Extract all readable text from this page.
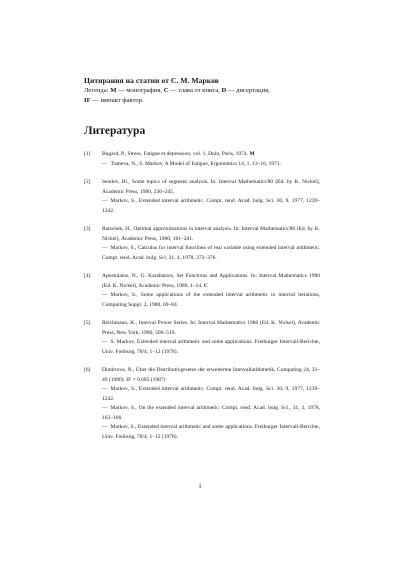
Цитирания на статии от С. М. Марков
Легенда: M — монография, C — глава от книга, D — дисертация,
IF — импакт фактор.
Литература
[1] Bugard, P., Stress, Fatigue et depression, vol. 1, Doin, Paris, 1974. M
— Tsaneva, N., S. Markov, A Model of Fatigue, Ergonomics 14, 1, 13–16, 1971.
[2] Sendov, Bl., Some topics of segment analysis. In: Interval Mathematics'80 (Ed. by K. Nickel), Academic Press, 1980, 236–245.
— Markov, S., Extended interval arithmetic. Compt. rend. Acad. bulg. Sci. 30, 9, 1977, 1239–1242.
[3] Ratschek, H., Optimal approximations in interval analysis. In: Interval Mathematics'80 (Ed. by K. Nickel), Academic Press, 1980, 181–201.
— Markov, S., Calculus for interval functions of real variable using extended interval arithmetic. Compt. rend. Acad. bulg. Sci. 31, 4, 1978, 373–376.
[4] Apostolatos, N., G. Karabatzos, Set Functions and Applications. In: Interval Mathematics 1980 (Ed. K. Nickel), Academic Press, 1980, 1–24. C
— Markov, S., Some applications of the extended interval arithmetic to interval iterations, Computing Suppl. 2, 1980, 69–84.
[5] Reichmann, K., Interval Power Series. In: Interval Mathematics 1980 (Ed. K. Nickel), Academic Press, New York, 1980, 509–519.
— S. Markov, Extended interval arithmetic and some applications. Freiburger Intervall-Berichte, Univ. Freiburg, 78/4, 1–12 (1978).
[6] Dimitrova, N., Über die Distributivgesetze der erweiterten Intervallarithmetik. Computing 24, 33–49 (1980). IF = 0.685 (1987)
— Markov, S., Extended interval arithmetic. Compt. rend. Acad. bulg. Sci. 30, 9, 1977, 1239–1242.
— Markov, S., On the extended interval arithmetic. Compt. rend. Acad. bulg. Sci., 31, 2, 1978, 163–166.
— Markov, S., Extended interval arithmetic and some applications. Freiburger Intervall-Berichte, Univ. Freiburg, 78/4, 1–12 (1978).
1
